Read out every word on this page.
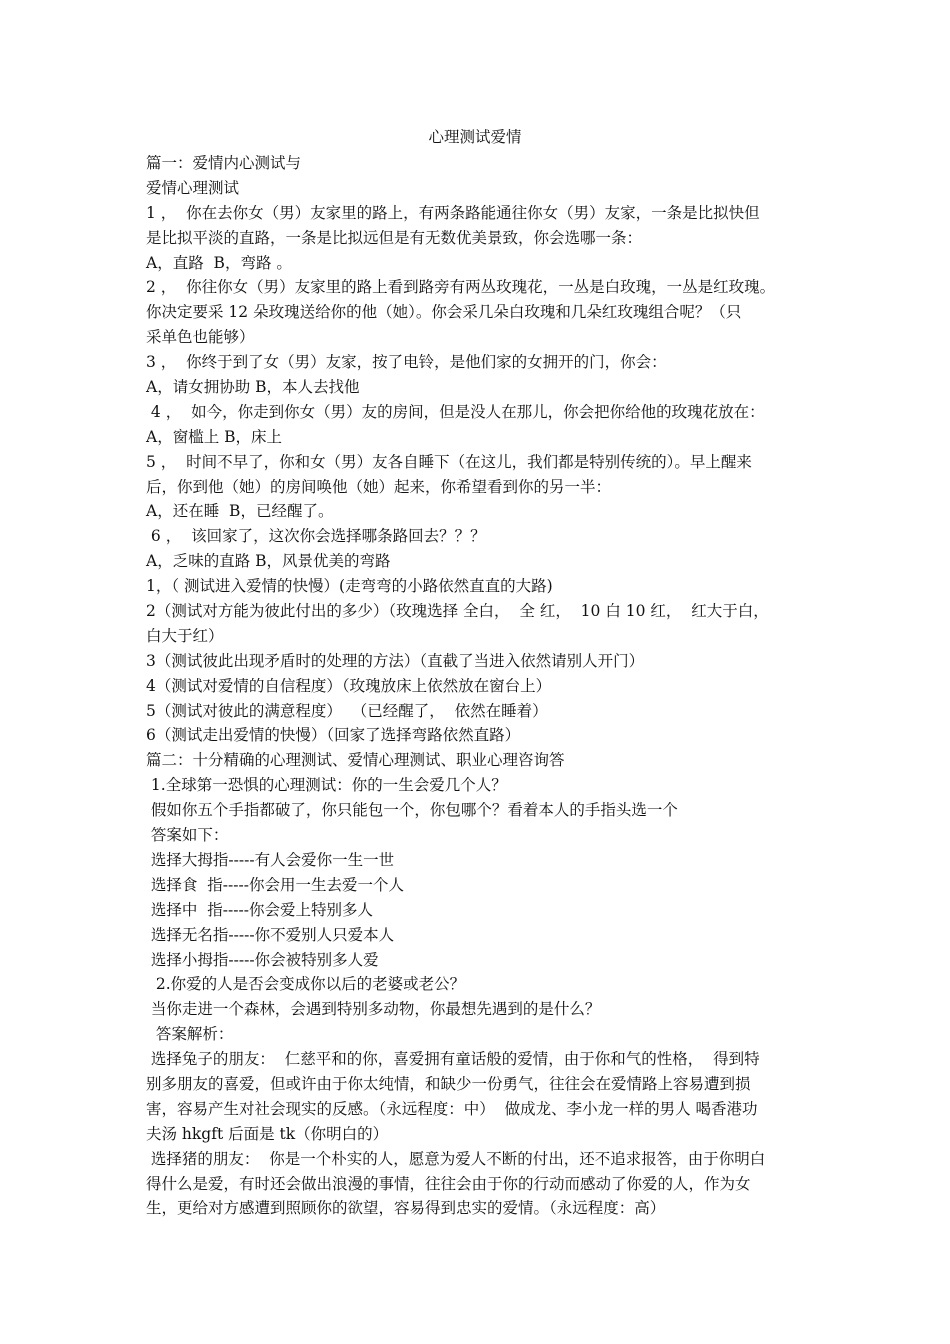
心理测试爱情
篇一：爱情内心测试与
爱情心理测试
1 ，  你在去你女（男）友家里的路上，有两条路能通往你女（男）友家，一条是比拟快但
是比拟平淡的直路，一条是比拟远但是有无数优美景致，你会选哪一条：
A，直路  B，弯路 。
2 ，  你往你女（男）友家里的路上看到路旁有两丛玫瑰花，一丛是白玫瑰，一丛是红玫瑰。
你决定要采 12 朵玫瑰送给你的他（她）。你会采几朵白玫瑰和几朵红玫瑰组合呢？（只
采单色也能够）
3 ，  你终于到了女（男）友家，按了电铃，是他们家的女拥开的门，你会：
A，请女拥协助 B，本人去找他
4 ，  如今，你走到你女（男）友的房间，但是没人在那儿，你会把你给他的玫瑰花放在：
A，窗槛上 B，床上
5 ，  时间不早了，你和女（男）友各自睡下（在这儿，我们都是特别传统的）。早上醒来
后，你到他（她）的房间唤他（她）起来，你希望看到你的另一半：
A，还在睡  B，已经醒了。
6 ，  该回家了，这次你会选择哪条路回去？？？
A，乏味的直路 B，风景优美的弯路
1，（ 测试进入爱情的快慢）(走弯弯的小路依然直直的大路)
2（测试对方能为彼此付出的多少）（玫瑰选择 全白，  全 红，  10 白 10 红，  红大于白，
白大于红）
3（测试彼此出现矛盾时的处理的方法）（直截了当进入依然请别人开门）
4（测试对爱情的自信程度）（玫瑰放床上依然放在窗台上）
5（测试对彼此的满意程度）  （已经醒了，  依然在睡着）
6（测试走出爱情的快慢）（回家了选择弯路依然直路）
篇二：十分精确的心理测试、爱情心理测试、职业心理咨询答
1.全球第一恐惧的心理测试：你的一生会爱几个人？
假如你五个手指都破了，你只能包一个，你包哪个？看着本人的手指头选一个
答案如下：
选择大拇指-----有人会爱你一生一世
选择食  指-----你会用一生去爱一个人
选择中  指-----你会爱上特别多人
选择无名指-----你不爱别人只爱本人
选择小拇指-----你会被特别多人爱
2.你爱的人是否会变成你以后的老婆或老公？
当你走进一个森林，会遇到特别多动物，你最想先遇到的是什么？
答案解析：
选择兔子的朋友：  仁慈平和的你，喜爱拥有童话般的爱情，由于你和气的性格，  得到特
别多朋友的喜爱，但或许由于你太纯情，和缺少一份勇气，往往会在爱情路上容易遭到损
害，容易产生对社会现实的反感。（永远程度：中）  做成龙、李小龙一样的男人 喝香港功
夫汤 hkgft 后面是 tk（你明白的）
选择猪的朋友：  你是一个朴实的人，愿意为爱人不断的付出，还不追求报答，由于你明白
得什么是爱，有时还会做出浪漫的事情，往往会由于你的行动而感动了你爱的人，作为女
生，更给对方感遭到照顾你的欲望，容易得到忠实的爱情。（永远程度：高）
